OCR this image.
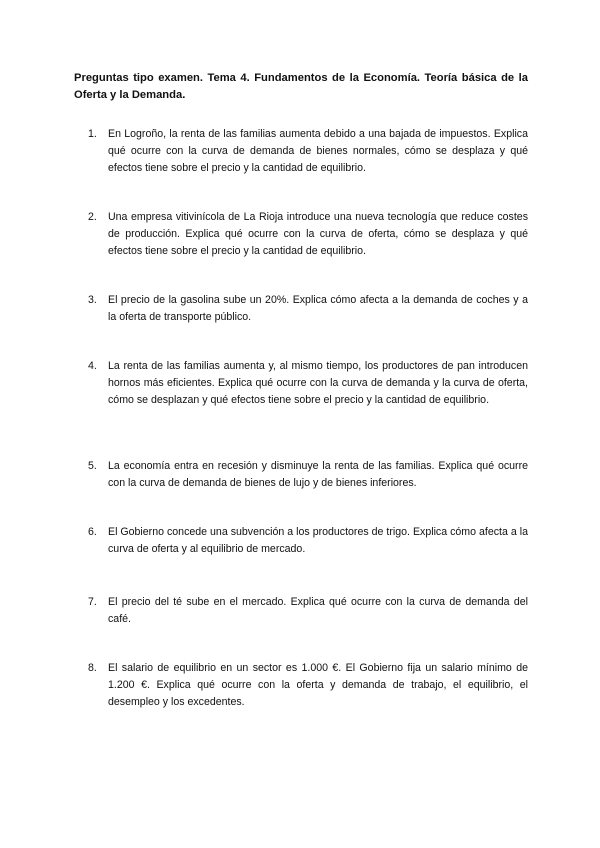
Preguntas tipo examen. Tema 4. Fundamentos de la Economía. Teoría básica de la Oferta y la Demanda.

1.	En Logroño, la renta de las familias aumenta debido a una bajada de impuestos. Explica qué ocurre con la curva de demanda de bienes normales, cómo se desplaza y qué efectos tiene sobre el precio y la cantidad de equilibrio.
2.	Una empresa vitivinícola de La Rioja introduce una nueva tecnología que reduce costes de producción. Explica qué ocurre con la curva de oferta, cómo se desplaza y qué efectos tiene sobre el precio y la cantidad de equilibrio.
3.	El precio de la gasolina sube un 20%. Explica cómo afecta a la demanda de coches y a la oferta de transporte público.
4.	La renta de las familias aumenta y, al mismo tiempo, los productores de pan introducen hornos más eficientes. Explica qué ocurre con la curva de demanda y la curva de oferta, cómo se desplazan y qué efectos tiene sobre el precio y la cantidad de equilibrio.
5.	La economía entra en recesión y disminuye la renta de las familias. Explica qué ocurre con la curva de demanda de bienes de lujo y de bienes inferiores.
6.	El Gobierno concede una subvención a los productores de trigo. Explica cómo afecta a la curva de oferta y al equilibrio de mercado.
7.	El precio del té sube en el mercado. Explica qué ocurre con la curva de demanda del café.
8.	El salario de equilibrio en un sector es 1.000 €. El Gobierno fija un salario mínimo de 1.200 €. Explica qué ocurre con la oferta y demanda de trabajo, el equilibrio, el desempleo y los excedentes.
